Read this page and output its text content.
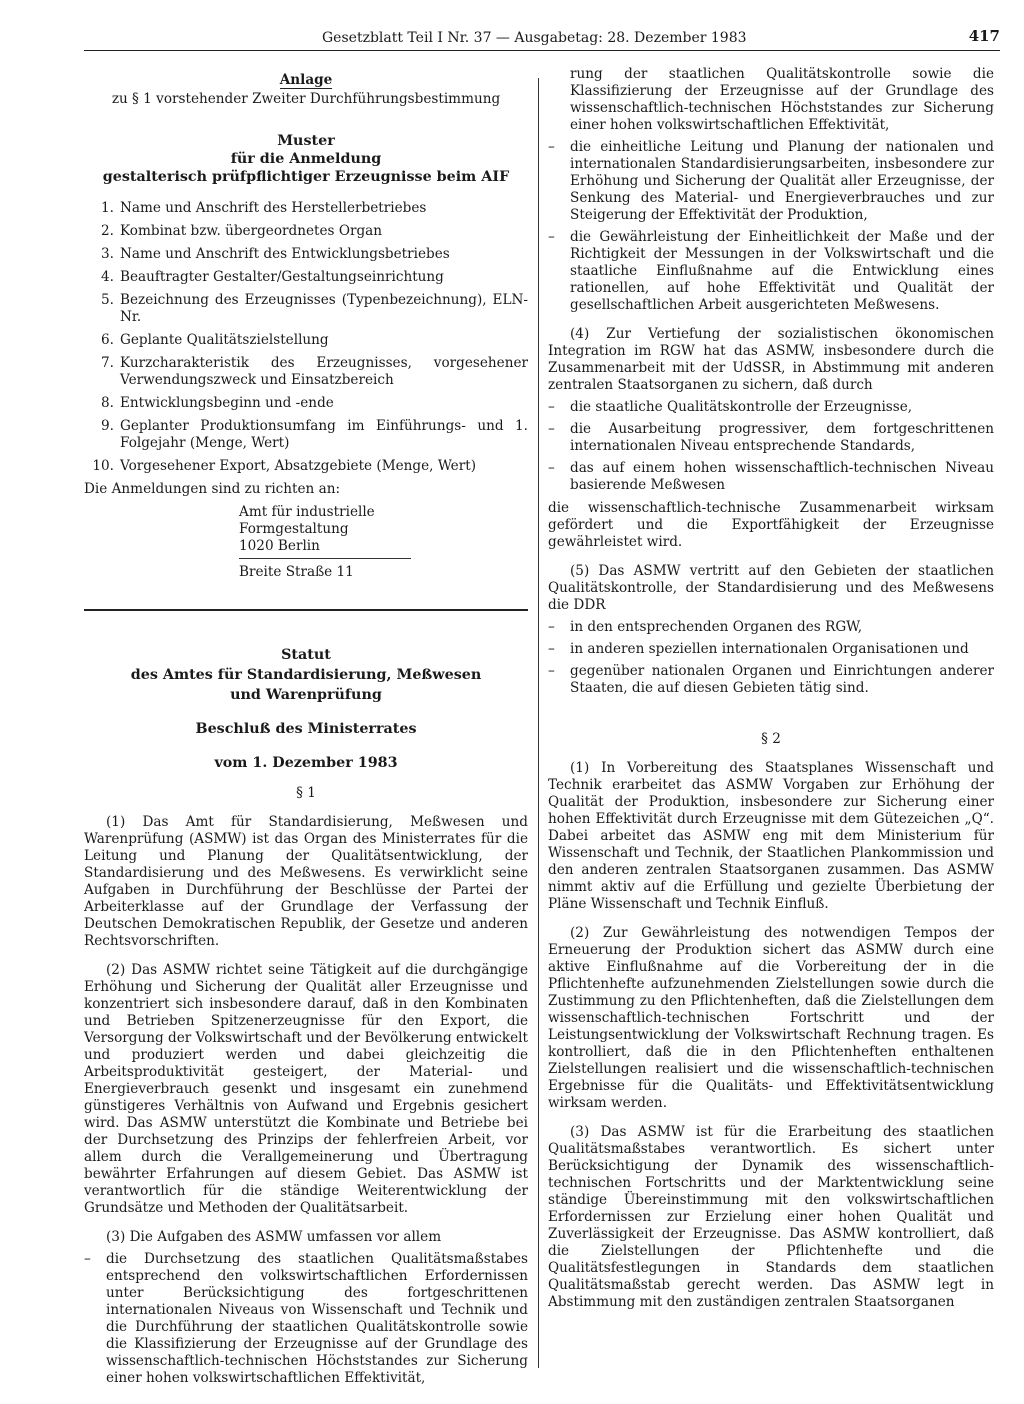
Gesetzblatt Teil I Nr. 37 — Ausgabetag: 28. Dezember 1983	417

Anlage

zu § 1 vorstehender Zweiter Durchführungsbestimmung

Muster
für die Anmeldung
gestalterisch prüfpflichtiger Erzeugnisse beim AIF
1. Name und Anschrift des Herstellerbetriebes
2. Kombinat bzw. übergeordnetes Organ
3. Name und Anschrift des Entwicklungsbetriebes
4. Beauftragter Gestalter/Gestaltungseinrichtung
5. Bezeichnung des Erzeugnisses (Typenbezeichnung), ELN-Nr.
6. Geplante Qualitätszielstellung
7. Kurzcharakteristik des Erzeugnisses, vorgesehener Verwendungszweck und Einsatzbereich
8. Entwicklungsbeginn und -ende
9. Geplanter Produktionsumfang im Einführungs- und 1. Folgejahr (Menge, Wert)
10. Vorgesehener Export, Absatzgebiete (Menge, Wert)

Die Anmeldungen sind zu richten an:

Amt für industrielle
Formgestaltung
1020 Berlin
Breite Straße 11
Statut
des Amtes für Standardisierung, Meßwesen
und Warenprüfung
Beschluß des Ministerrates
vom 1. Dezember 1983

§ 1

(1) Das Amt für Standardisierung, Meßwesen und Warenprüfung (ASMW) ist das Organ des Ministerrates für die Leitung und Planung der Qualitätsentwicklung, der Standardisierung und des Meßwesens. Es verwirklicht seine Aufgaben in Durchführung der Beschlüsse der Partei der Arbeiterklasse auf der Grundlage der Verfassung der Deutschen Demokratischen Republik, der Gesetze und anderen Rechtsvorschriften.

(2) Das ASMW richtet seine Tätigkeit auf die durchgängige Erhöhung und Sicherung der Qualität aller Erzeugnisse und konzentriert sich insbesondere darauf, daß in den Kombinaten und Betrieben Spitzenerzeugnisse für den Export, die Versorgung der Volkswirtschaft und der Bevölkerung entwickelt und produziert werden und dabei gleichzeitig die Arbeitsproduktivität gesteigert, der Material- und Energieverbrauch gesenkt und insgesamt ein zunehmend günstigeres Verhältnis von Aufwand und Ergebnis gesichert wird. Das ASMW unterstützt die Kombinate und Betriebe bei der Durchsetzung des Prinzips der fehlerfreien Arbeit, vor allem durch die Verallgemeinerung und Übertragung bewährter Erfahrungen auf diesem Gebiet. Das ASMW ist verantwortlich für die ständige Weiterentwicklung der Grundsätze und Methoden der Qualitätsarbeit.

(3) Die Aufgaben des ASMW umfassen vor allem

–	die Durchsetzung des staatlichen Qualitätsmaßstabes entsprechend den volkswirtschaftlichen Erfordernissen unter Berücksichtigung des fortgeschrittenen internationalen Niveaus von Wissenschaft und Technik und die Durchführung der staatlichen Qualitätskontrolle sowie die Klassifizierung der Erzeugnisse auf der Grundlage des wissenschaftlich-technischen Höchststandes zur Sicherung einer hohen volkswirtschaftlichen Effektivität,
rung der staatlichen Qualitätskontrolle sowie die Klassifizierung der Erzeugnisse auf der Grundlage des wissenschaftlich-technischen Höchststandes zur Sicherung einer hohen volkswirtschaftlichen Effektivität,
–	die einheitliche Leitung und Planung der nationalen und internationalen Standardisierungsarbeiten, insbesondere zur Erhöhung und Sicherung der Qualität aller Erzeugnisse, der Senkung des Material- und Energieverbrauches und zur Steigerung der Effektivität der Produktion,
–	die Gewährleistung der Einheitlichkeit der Maße und der Richtigkeit der Messungen in der Volkswirtschaft und die staatliche Einflußnahme auf die Entwicklung eines rationellen, auf hohe Effektivität und Qualität der gesellschaftlichen Arbeit ausgerichteten Meßwesens.

(4) Zur Vertiefung der sozialistischen ökonomischen Integration im RGW hat das ASMW, insbesondere durch die Zusammenarbeit mit der UdSSR, in Abstimmung mit anderen zentralen Staatsorganen zu sichern, daß durch

–	die staatliche Qualitätskontrolle der Erzeugnisse,
–	die Ausarbeitung progressiver, dem fortgeschrittenen internationalen Niveau entsprechende Standards,
–	das auf einem hohen wissenschaftlich-technischen Niveau basierende Meßwesen

die wissenschaftlich-technische Zusammenarbeit wirksam gefördert und die Exportfähigkeit der Erzeugnisse gewährleistet wird.

(5) Das ASMW vertritt auf den Gebieten der staatlichen Qualitätskontrolle, der Standardisierung und des Meßwesens die DDR

–	in den entsprechenden Organen des RGW,
–	in anderen speziellen internationalen Organisationen und
–	gegenüber nationalen Organen und Einrichtungen anderer Staaten, die auf diesen Gebieten tätig sind.

§ 2

(1) In Vorbereitung des Staatsplanes Wissenschaft und Technik erarbeitet das ASMW Vorgaben zur Erhöhung der Qualität der Produktion, insbesondere zur Sicherung einer hohen Effektivität durch Erzeugnisse mit dem Gütezeichen „Q“. Dabei arbeitet das ASMW eng mit dem Ministerium für Wissenschaft und Technik, der Staatlichen Plankommission und den anderen zentralen Staatsorganen zusammen. Das ASMW nimmt aktiv auf die Erfüllung und gezielte Überbietung der Pläne Wissenschaft und Technik Einfluß.

(2) Zur Gewährleistung des notwendigen Tempos der Erneuerung der Produktion sichert das ASMW durch eine aktive Einflußnahme auf die Vorbereitung der in die Pflichtenhefte aufzunehmenden Zielstellungen sowie durch die Zustimmung zu den Pflichtenheften, daß die Zielstellungen dem wissenschaftlich-technischen Fortschritt und der Leistungsentwicklung der Volkswirtschaft Rechnung tragen. Es kontrolliert, daß die in den Pflichtenheften enthaltenen Zielstellungen realisiert und die wissenschaftlich-technischen Ergebnisse für die Qualitäts- und Effektivitätsentwicklung wirksam werden.

(3) Das ASMW ist für die Erarbeitung des staatlichen Qualitätsmaßstabes verantwortlich. Es sichert unter Berücksichtigung der Dynamik des wissenschaftlich-technischen Fortschritts und der Marktentwicklung seine ständige Übereinstimmung mit den volkswirtschaftlichen Erfordernissen zur Erzielung einer hohen Qualität und Zuverlässigkeit der Erzeugnisse. Das ASMW kontrolliert, daß die Zielstellungen der Pflichtenhefte und die Qualitätsfestlegungen in Standards dem staatlichen Qualitätsmaßstab gerecht werden. Das ASMW legt in Abstimmung mit den zuständigen zentralen Staatsorganen
